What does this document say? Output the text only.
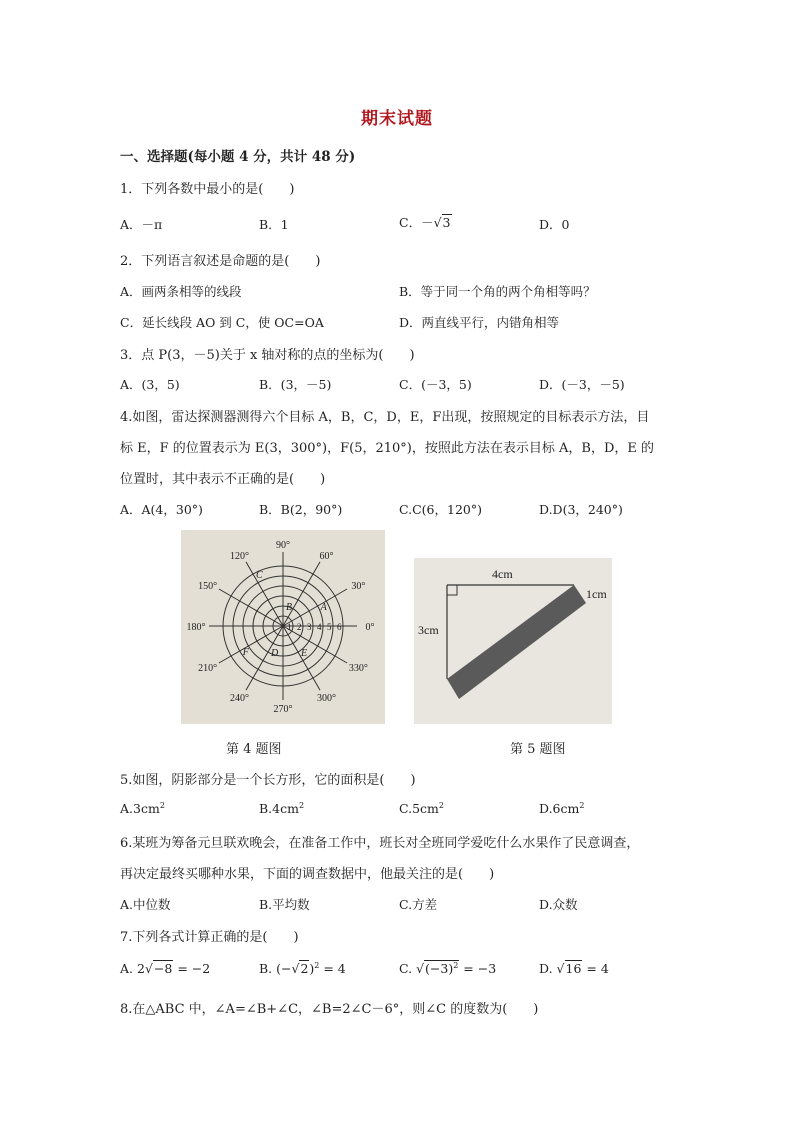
期末试题
一、选择题(每小题 4 分，共计 48 分)
1．下列各数中最小的是(　　)
A．－π	B．1	C．－√3	D．0
2．下列语言叙述是命题的是(　　)
A．画两条相等的线段	B．等于同一个角的两个角相等吗？
C．延长线段 AO 到 C，使 OC=OA	D．两直线平行，内错角相等
3．点 P(3，－5)关于 x 轴对称的点的坐标为(　　)
A．(3，5)	B．(3，－5)	C．(－3，5)	D．(－3，－5)
4.如图，雷达探测器测得六个目标 A，B，C，D，E，F出现，按照规定的目标表示方法，目
标 E，F 的位置表示为 E(3，300°)，F(5，210°)，按照此方法在表示目标 A，B，D，E 的
位置时，其中表示不正确的是(　　)
A．A(4，30°)	B．B(2，90°)	C.C(6，120°)	D.D(3，240°)
90°
60°
30°
0°
330°
300°
270°
240°
210°
180°
150°
120°
1 2 3 4 5 6
A
B
C
D E
F
第 4 题图
4cm
3cm
1cm
第 5 题图
5.如图，阴影部分是一个长方形，它的面积是(　　)
$A.3cm^2$	$B.4cm^2$	$C.5cm^2$	$D.6cm^2$
6.某班为筹备元旦联欢晚会，在准备工作中，班长对全班同学爱吃什么水果作了民意调查，
再决定最终买哪种水果，下面的调查数据中，他最关注的是(　　)
A.中位数	B.平均数	C.方差	D.众数
7.下列各式计算正确的是(　　)
A. 2√−8 = −2	B. $(-√2)^2 = 4$	C. $√(-3)^2 = -3$	D. √16 = 4
8.在△ABC 中，∠A=∠B+∠C，∠B=2∠C－6°，则∠C 的度数为(　　)
